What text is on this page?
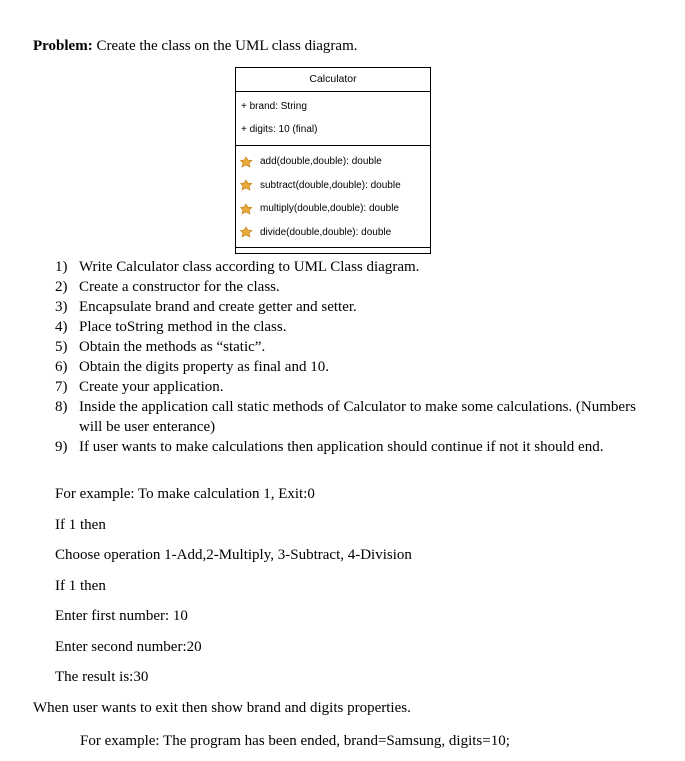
Problem: Create the class on the UML class diagram.
Calculator
+ brand: String
+ digits: 10 (final)
add(double,double): double
subtract(double,double): double
multiply(double,double): double
divide(double,double): double
1) Write Calculator class according to UML Class diagram.
2) Create a constructor for the class.
3) Encapsulate brand and create getter and setter.
4) Place toString method in the class.
5) Obtain the methods as “static”.
6) Obtain the digits property as final and 10.
7) Create your application.
8) Inside the application call static methods of Calculator to make some calculations. (Numbers will be user enterance)
9) If user wants to make calculations then application should continue if not it should end.
For example: To make calculation 1, Exit:0
If 1 then
Choose operation 1-Add,2-Multiply, 3-Subtract, 4-Division
If 1 then
Enter first number: 10
Enter second number:20
The result is:30
When user wants to exit then show brand and digits properties.
For example: The program has been ended, brand=Samsung, digits=10;
